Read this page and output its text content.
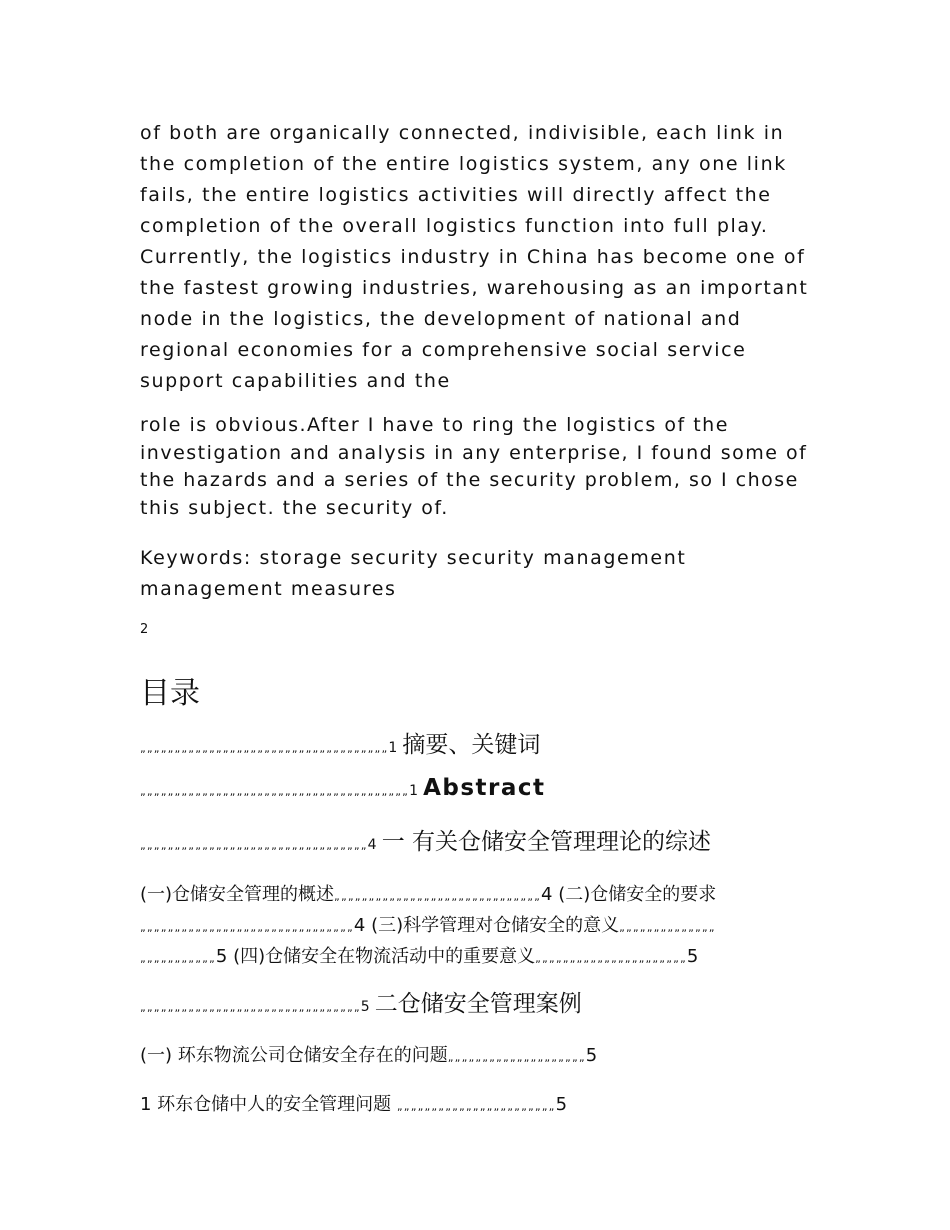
of both are organically connected, indivisible, each link in
the completion of the entire logistics system, any one link
fails, the entire logistics activities will directly affect the
completion of the overall logistics function into full play.
Currently, the logistics industry in China has become one of
the fastest growing industries, warehousing as an important
node in the logistics, the development of national and
regional economies for a comprehensive social service
support capabilities and the
role is obvious.After I have to ring the logistics of the
investigation and analysis in any enterprise, I found some of
the hazards and a series of the security problem, so I chose
this subject. the security of.
Keywords: storage security security management
management measures
2
目录
„„„„„„„„„„„„„„„„„„„„„„„„„„„„„„„„„„„„1 摘要、关键词
„„„„„„„„„„„„„„„„„„„„„„„„„„„„„„„„„„„„„„„1 Abstract
„„„„„„„„„„„„„„„„„„„„„„„„„„„„„„„„„4 一 有关仓储安全管理理论的综述
(一)仓储安全管理的概述„„„„„„„„„„„„„„„„„„„„„„„„„„„„„„4 (二)仓储安全的要求
„„„„„„„„„„„„„„„„„„„„„„„„„„„„„„„4 (三)科学管理对仓储安全的意义„„„„„„„„„„„„„„
„„„„„„„„„„„5 (四)仓储安全在物流活动中的重要意义„„„„„„„„„„„„„„„„„„„„„„5
„„„„„„„„„„„„„„„„„„„„„„„„„„„„„„„„5 二仓储安全管理案例
(一) 环东物流公司仓储安全存在的问题„„„„„„„„„„„„„„„„„„„„5
1 环东仓储中人的安全管理问题 „„„„„„„„„„„„„„„„„„„„„„„5
